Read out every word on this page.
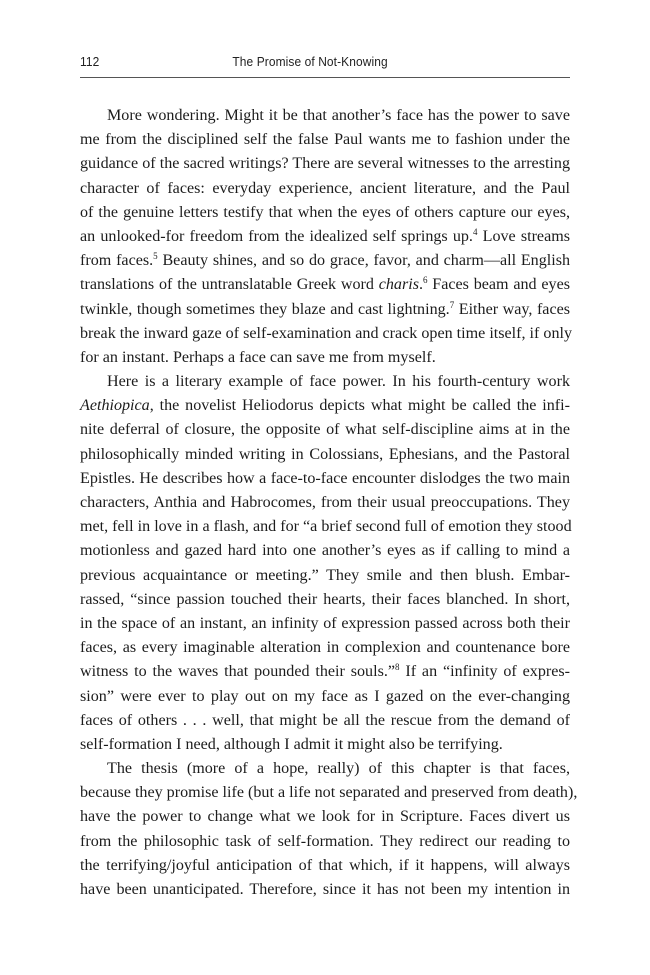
112	The Promise of Not-Knowing
More wondering. Might it be that another’s face has the power to save
me from the disciplined self the false Paul wants me to fashion under the
guidance of the sacred writings? There are several witnesses to the arresting
character of faces: everyday experience, ancient literature, and the Paul
of the genuine letters testify that when the eyes of others capture our eyes,
an unlooked-for freedom from the idealized self springs up.$^4$ Love streams
from faces.$^5$ Beauty shines, and so do grace, favor, and charm—all English
translations of the untranslatable Greek word charis.$^6$ Faces beam and eyes
twinkle, though sometimes they blaze and cast lightning.$^7$ Either way, faces
break the inward gaze of self-examination and crack open time itself, if only
for an instant. Perhaps a face can save me from myself.
Here is a literary example of face power. In his fourth-century work
Aethiopica, the novelist Heliodorus depicts what might be called the infi-
nite deferral of closure, the opposite of what self-discipline aims at in the
philosophically minded writing in Colossians, Ephesians, and the Pastoral
Epistles. He describes how a face-to-face encounter dislodges the two main
characters, Anthia and Habrocomes, from their usual preoccupations. They
met, fell in love in a flash, and for “a brief second full of emotion they stood
motionless and gazed hard into one another’s eyes as if calling to mind a
previous acquaintance or meeting.” They smile and then blush. Embar-
rassed, “since passion touched their hearts, their faces blanched. In short,
in the space of an instant, an infinity of expression passed across both their
faces, as every imaginable alteration in complexion and countenance bore
witness to the waves that pounded their souls.”$^8$ If an “infinity of expres-
sion” were ever to play out on my face as I gazed on the ever-changing
faces of others . . . well, that might be all the rescue from the demand of
self-formation I need, although I admit it might also be terrifying.
The thesis (more of a hope, really) of this chapter is that faces,
because they promise life (but a life not separated and preserved from death),
have the power to change what we look for in Scripture. Faces divert us
from the philosophic task of self-formation. They redirect our reading to
the terrifying/joyful anticipation of that which, if it happens, will always
have been unanticipated. Therefore, since it has not been my intention in
